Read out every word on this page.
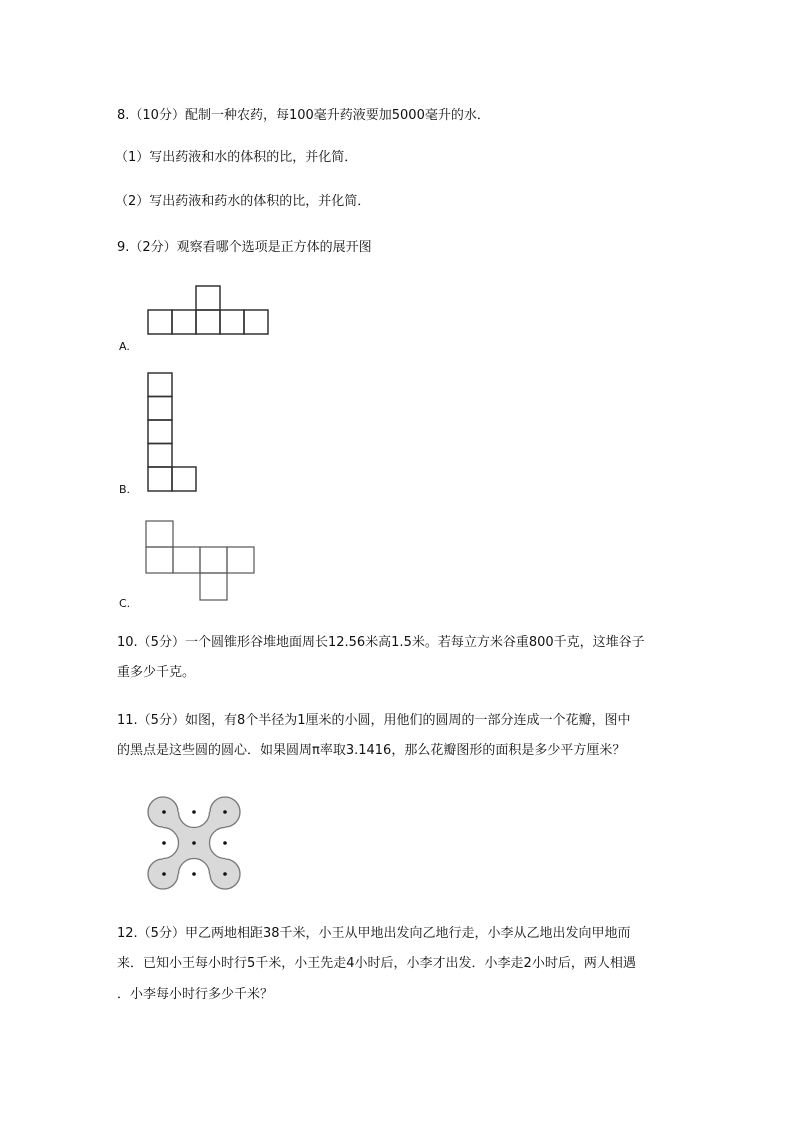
8.（10分）配制一种农药，每100毫升药液要加5000毫升的水．
（1）写出药液和水的体积的比，并化简．
（2）写出药液和药水的体积的比，并化简．
9.（2分）观察看哪个选项是正方体的展开图
A.
B.
C.
10.（5分）一个圆锥形谷堆地面周长12.56米高1.5米。若每立方米谷重800千克，这堆谷子
重多少千克。
11.（5分）如图，有8个半径为1厘米的小圆，用他们的圆周的一部分连成一个花瓣，图中
的黑点是这些圆的圆心．如果圆周π率取3.1416，那么花瓣图形的面积是多少平方厘米？
12.（5分）甲乙两地相距38千米，小王从甲地出发向乙地行走，小李从乙地出发向甲地而
来．已知小王每小时行5千米，小王先走4小时后，小李才出发．小李走2小时后，两人相遇
．小李每小时行多少千米？
